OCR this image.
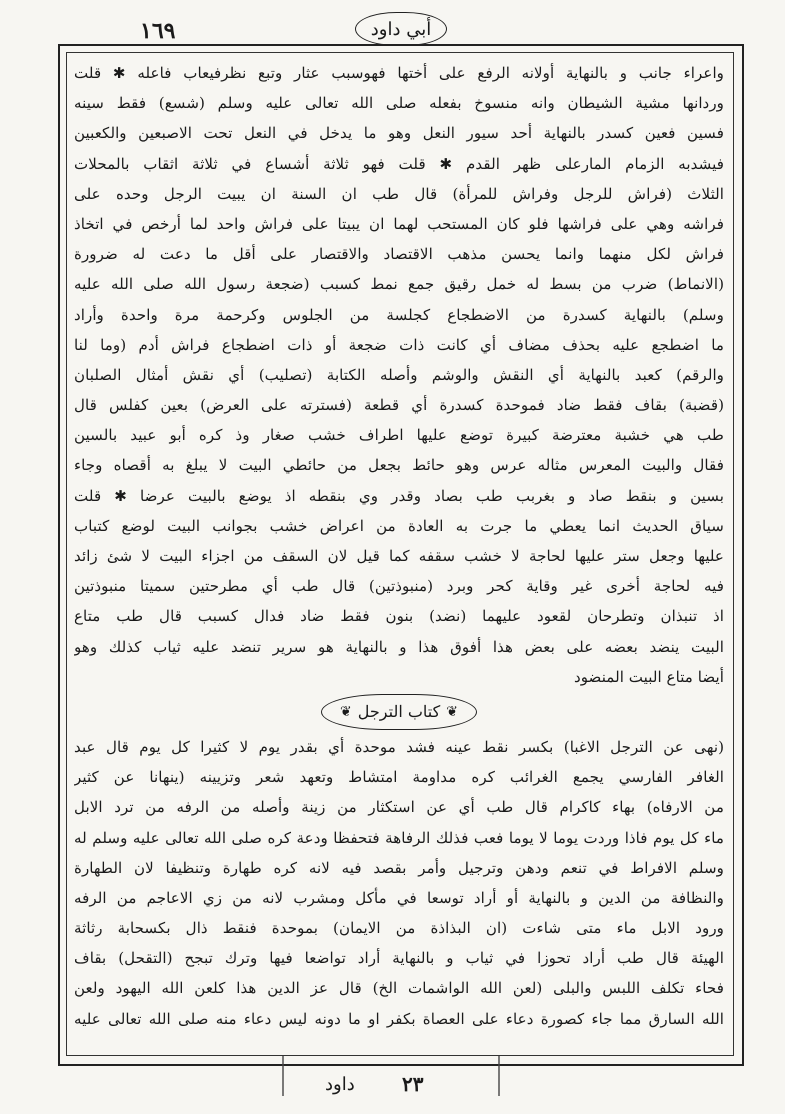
١٦٩	أبي داود
واعراء جانب و بالنهاية أولانه الرفع على أختها فهوسبب عثار وتبع نظرفيعاب فاعله ✱ قلت
وردانها مشية الشيطان وانه منسوخ بفعله صلى الله تعالى عليه وسلم (شسع) فقط سينه
فسين فعين كسدر بالنهاية أحد سيور النعل وهو ما يدخل في النعل تحت الاصبعين والكعبين
فيشدبه الزمام المارعلى ظهر القدم ✱ قلت فهو ثلاثة أشساع في ثلاثة اثقاب بالمحلات
الثلاث (فراش للرجل وفراش للمرأة) قال طب ان السنة ان يبيت الرجل وحده على
فراشه وهي على فراشها فلو كان المستحب لهما ان يبيتا على فراش واحد لما أرخص في اتخاذ
فراش لكل منهما وانما يحسن مذهب الاقتصاد والاقتصار على أقل ما دعت له ضرورة
(الانماط) ضرب من بسط له خمل رقيق جمع نمط كسبب (ضجعة رسول الله صلى الله عليه
وسلم) بالنهاية كسدرة من الاضطجاع كجلسة من الجلوس وكرحمة مرة واحدة وأراد
ما اضطجع عليه بحذف مضاف أي كانت ذات ضجعة أو ذات اضطجاع فراش أدم (وما لنا
والرقم) كعبد بالنهاية أي النقش والوشم وأصله الكتابة (تصليب) أي نقش أمثال الصلبان
(قضبة) بقاف فقط ضاد فموحدة كسدرة أي قطعة (فسترته على العرض) بعين كفلس قال
طب هي خشبة معترضة كبيرة توضع عليها اطراف خشب صغار وذ كره أبو عبيد بالسين
فقال والبيت المعرس مثاله عرس وهو حائط بجعل من حائطي البيت لا يبلغ به أقصاه وجاء
بسين و بنقط صاد و بغربب طب بصاد وقدر وي بنقطه اذ يوضع بالبيت عرضا ✱ قلت
سياق الحديث انما يعطي ما جرت به العادة من اعراض خشب بجوانب البيت لوضع كتباب
عليها وجعل ستر عليها لحاجة لا خشب سقفه كما قيل لان السقف من اجزاء البيت لا شئ زائد
فيه لحاجة أخرى غير وقاية كحر وبرد (منبوذتين) قال طب أي مطرحتين سميتا منبوذتين
اذ تنبذان وتطرحان لقعود عليهما (نضد) بنون فقط ضاد فدال كسبب قال طب متاع
البيت ينضد بعضه على بعض هذا أفوق هذا و بالنهاية هو سرير تنضد عليه ثياب كذلك وهو
أيضا متاع البيت المنضود
❦
كتاب الترجل
❦
(نهى عن الترجل الاغبا) بكسر نقط عينه فشد موحدة أي بقدر يوم لا كثيرا كل يوم قال عبد
الغافر الفارسي يجمع الغرائب كره مداومة امتشاط وتعهد شعر وتزيينه (ينهانا عن كثير
من الارفاه) بهاء كاكرام قال طب أي عن استكثار من زينة وأصله من الرفه من ترد الابل
ماء كل يوم فاذا وردت يوما لا يوما فعب فذلك الرفاهة فتحفظا ودعة كره صلى الله تعالى عليه وسلم له
وسلم الافراط في تنعم ودهن وترجيل وأمر بقصد فيه لانه كره طهارة وتنظيفا لان الطهارة
والنظافة من الدين و بالنهاية أو أراد توسعا في مأكل ومشرب لانه من زي الاعاجم من الرفه
ورود الابل ماء متى شاءت (ان البذاذة من الايمان) بموحدة فنقط ذال بكسحابة رثاثة
الهيئة قال طب أراد تحوزا في ثياب و بالنهاية أراد تواضعا فيها وترك تبجح (التقحل) بقاف
فحاء تكلف اللبس والبلى (لعن الله الواشمات الخ) قال عز الدين هذا كلعن الله اليهود ولعن
الله السارق مما جاء كصورة دعاء على العصاة بكفر او ما دونه ليس دعاء منه صلى الله تعالى عليه
داود ٢٣
